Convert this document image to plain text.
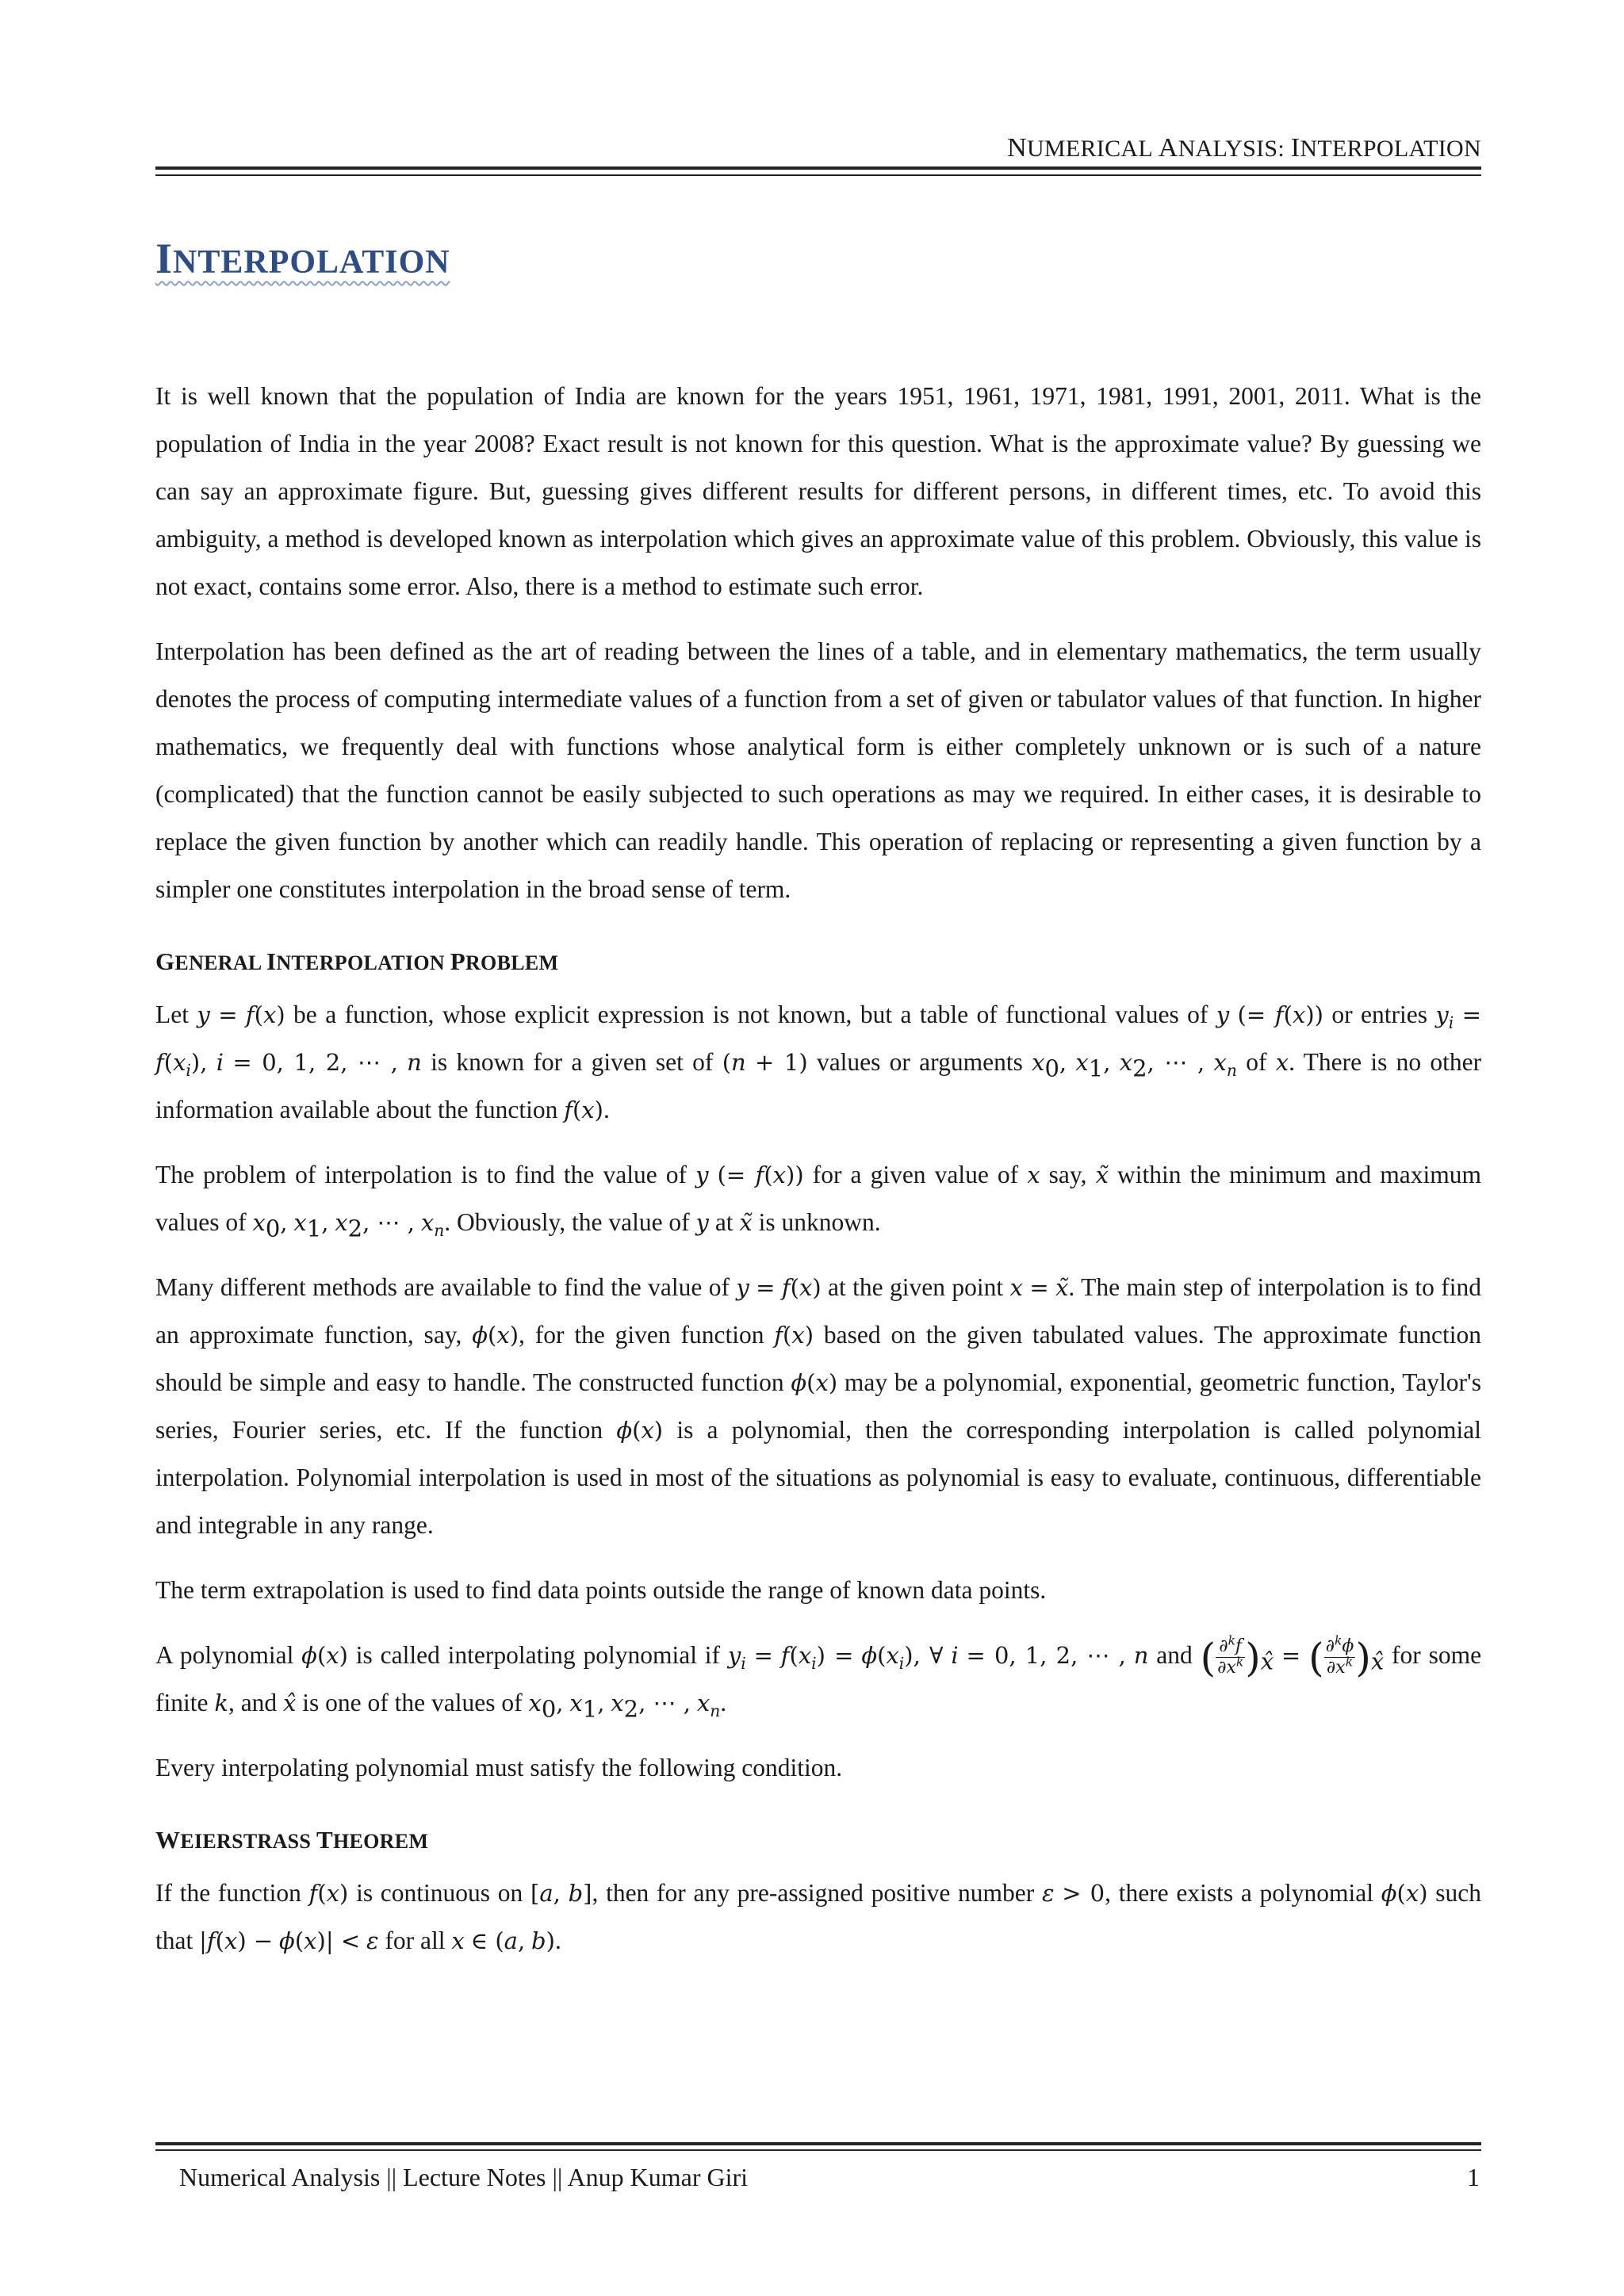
NUMERICAL ANALYSIS: INTERPOLATION
INTERPOLATION

It is well known that the population of India are known for the years 1951, 1961, 1971, 1981, 1991, 2001, 2011. What is the population of India in the year 2008? Exact result is not known for this question. What is the approximate value? By guessing we can say an approximate figure. But, guessing gives different results for different persons, in different times, etc. To avoid this ambiguity, a method is developed known as interpolation which gives an approximate value of this problem. Obviously, this value is not exact, contains some error. Also, there is a method to estimate such error.

Interpolation has been defined as the art of reading between the lines of a table, and in elementary mathematics, the term usually denotes the process of computing intermediate values of a function from a set of given or tabulator values of that function. In higher mathematics, we frequently deal with functions whose analytical form is either completely unknown or is such of a nature (complicated) that the function cannot be easily subjected to such operations as may we required. In either cases, it is desirable to replace the given function by another which can readily handle. This operation of replacing or representing a given function by a simpler one constitutes interpolation in the broad sense of term.

GENERAL INTERPOLATION PROBLEM

Let y = f(x) be a function, whose explicit expression is not known, but a table of functional values of y (= f(x)) or entries $y_i = f(x_i)$, i = 0, 1, 2, ⋯ , n is known for a given set of (n + 1) values or arguments $x_0$, $x_1$, $x_2$, ⋯ , $x_n$ of x. There is no other information available about the function f(x).

The problem of interpolation is to find the value of y (= f(x)) for a given value of x say, x̃ within the minimum and maximum values of $x_0$, $x_1$, $x_2$, ⋯ , $x_n$. Obviously, the value of y at x̃ is unknown.

Many different methods are available to find the value of y = f(x) at the given point x = x̃. The main step of interpolation is to find an approximate function, say, ϕ(x), for the given function f(x) based on the given tabulated values. The approximate function should be simple and easy to handle. The constructed function ϕ(x) may be a polynomial, exponential, geometric function, Taylor's series, Fourier series, etc. If the function ϕ(x) is a polynomial, then the corresponding interpolation is called polynomial interpolation. Polynomial interpolation is used in most of the situations as polynomial is easy to evaluate, continuous, differentiable and integrable in any range.

The term extrapolation is used to find data points outside the range of known data points.

A polynomial ϕ(x) is called interpolating polynomial if $y_i = f(x_i) = \phi(x_i)$, ∀ i = 0, 1, 2, ⋯ , n and ( $\frac{\partial^kf}{\partial x^k} )_{x̂}$ = ( $\frac{\partial^k\phi}{\partial x^k} )_{x̂}$ for some finite k, and x̂ is one of the values of $x_0$, $x_1$, $x_2$, ⋯ , $x_n$.

Every interpolating polynomial must satisfy the following condition.

WEIERSTRASS THEOREM

If the function f(x) is continuous on [a, b], then for any pre-assigned positive number ε > 0, there exists a polynomial ϕ(x) such that |f(x) − ϕ(x)| < ε for all x ∈ (a, b).

Numerical Analysis || Lecture Notes || Anup Kumar Giri	1
